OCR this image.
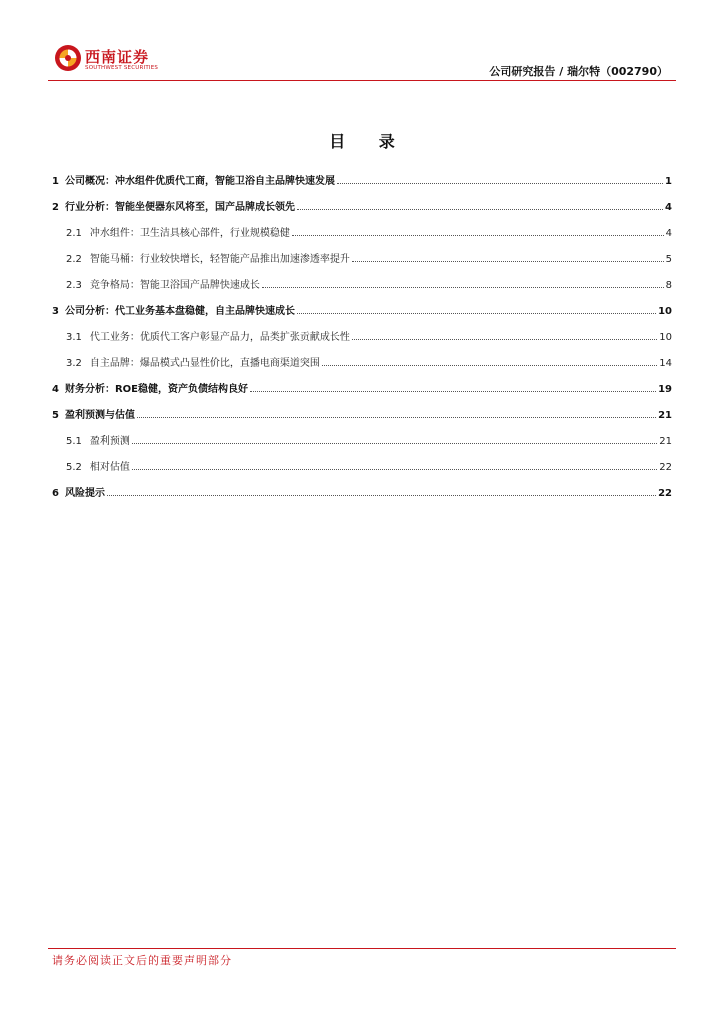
西南证券
SOUTHWEST SECURITIES	公司研究报告 / 瑞尔特（002790）
目 录
1 公司概况：冲水组件优质代工商，智能卫浴自主品牌快速发展	1
2 行业分析：智能坐便器东风将至，国产品牌成长领先	4
2.1 冲水组件：卫生洁具核心部件，行业规模稳健	4
2.2 智能马桶：行业较快增长，轻智能产品推出加速渗透率提升	5
2.3 竞争格局：智能卫浴国产品牌快速成长	8
3 公司分析：代工业务基本盘稳健，自主品牌快速成长	10
3.1 代工业务：优质代工客户彰显产品力，品类扩张贡献成长性	10
3.2 自主品牌：爆品模式凸显性价比，直播电商渠道突围	14
4 财务分析：ROE稳健，资产负债结构良好	19
5 盈利预测与估值	21
5.1 盈利预测	21
5.2 相对估值	22
6 风险提示	22
请务必阅读正文后的重要声明部分
